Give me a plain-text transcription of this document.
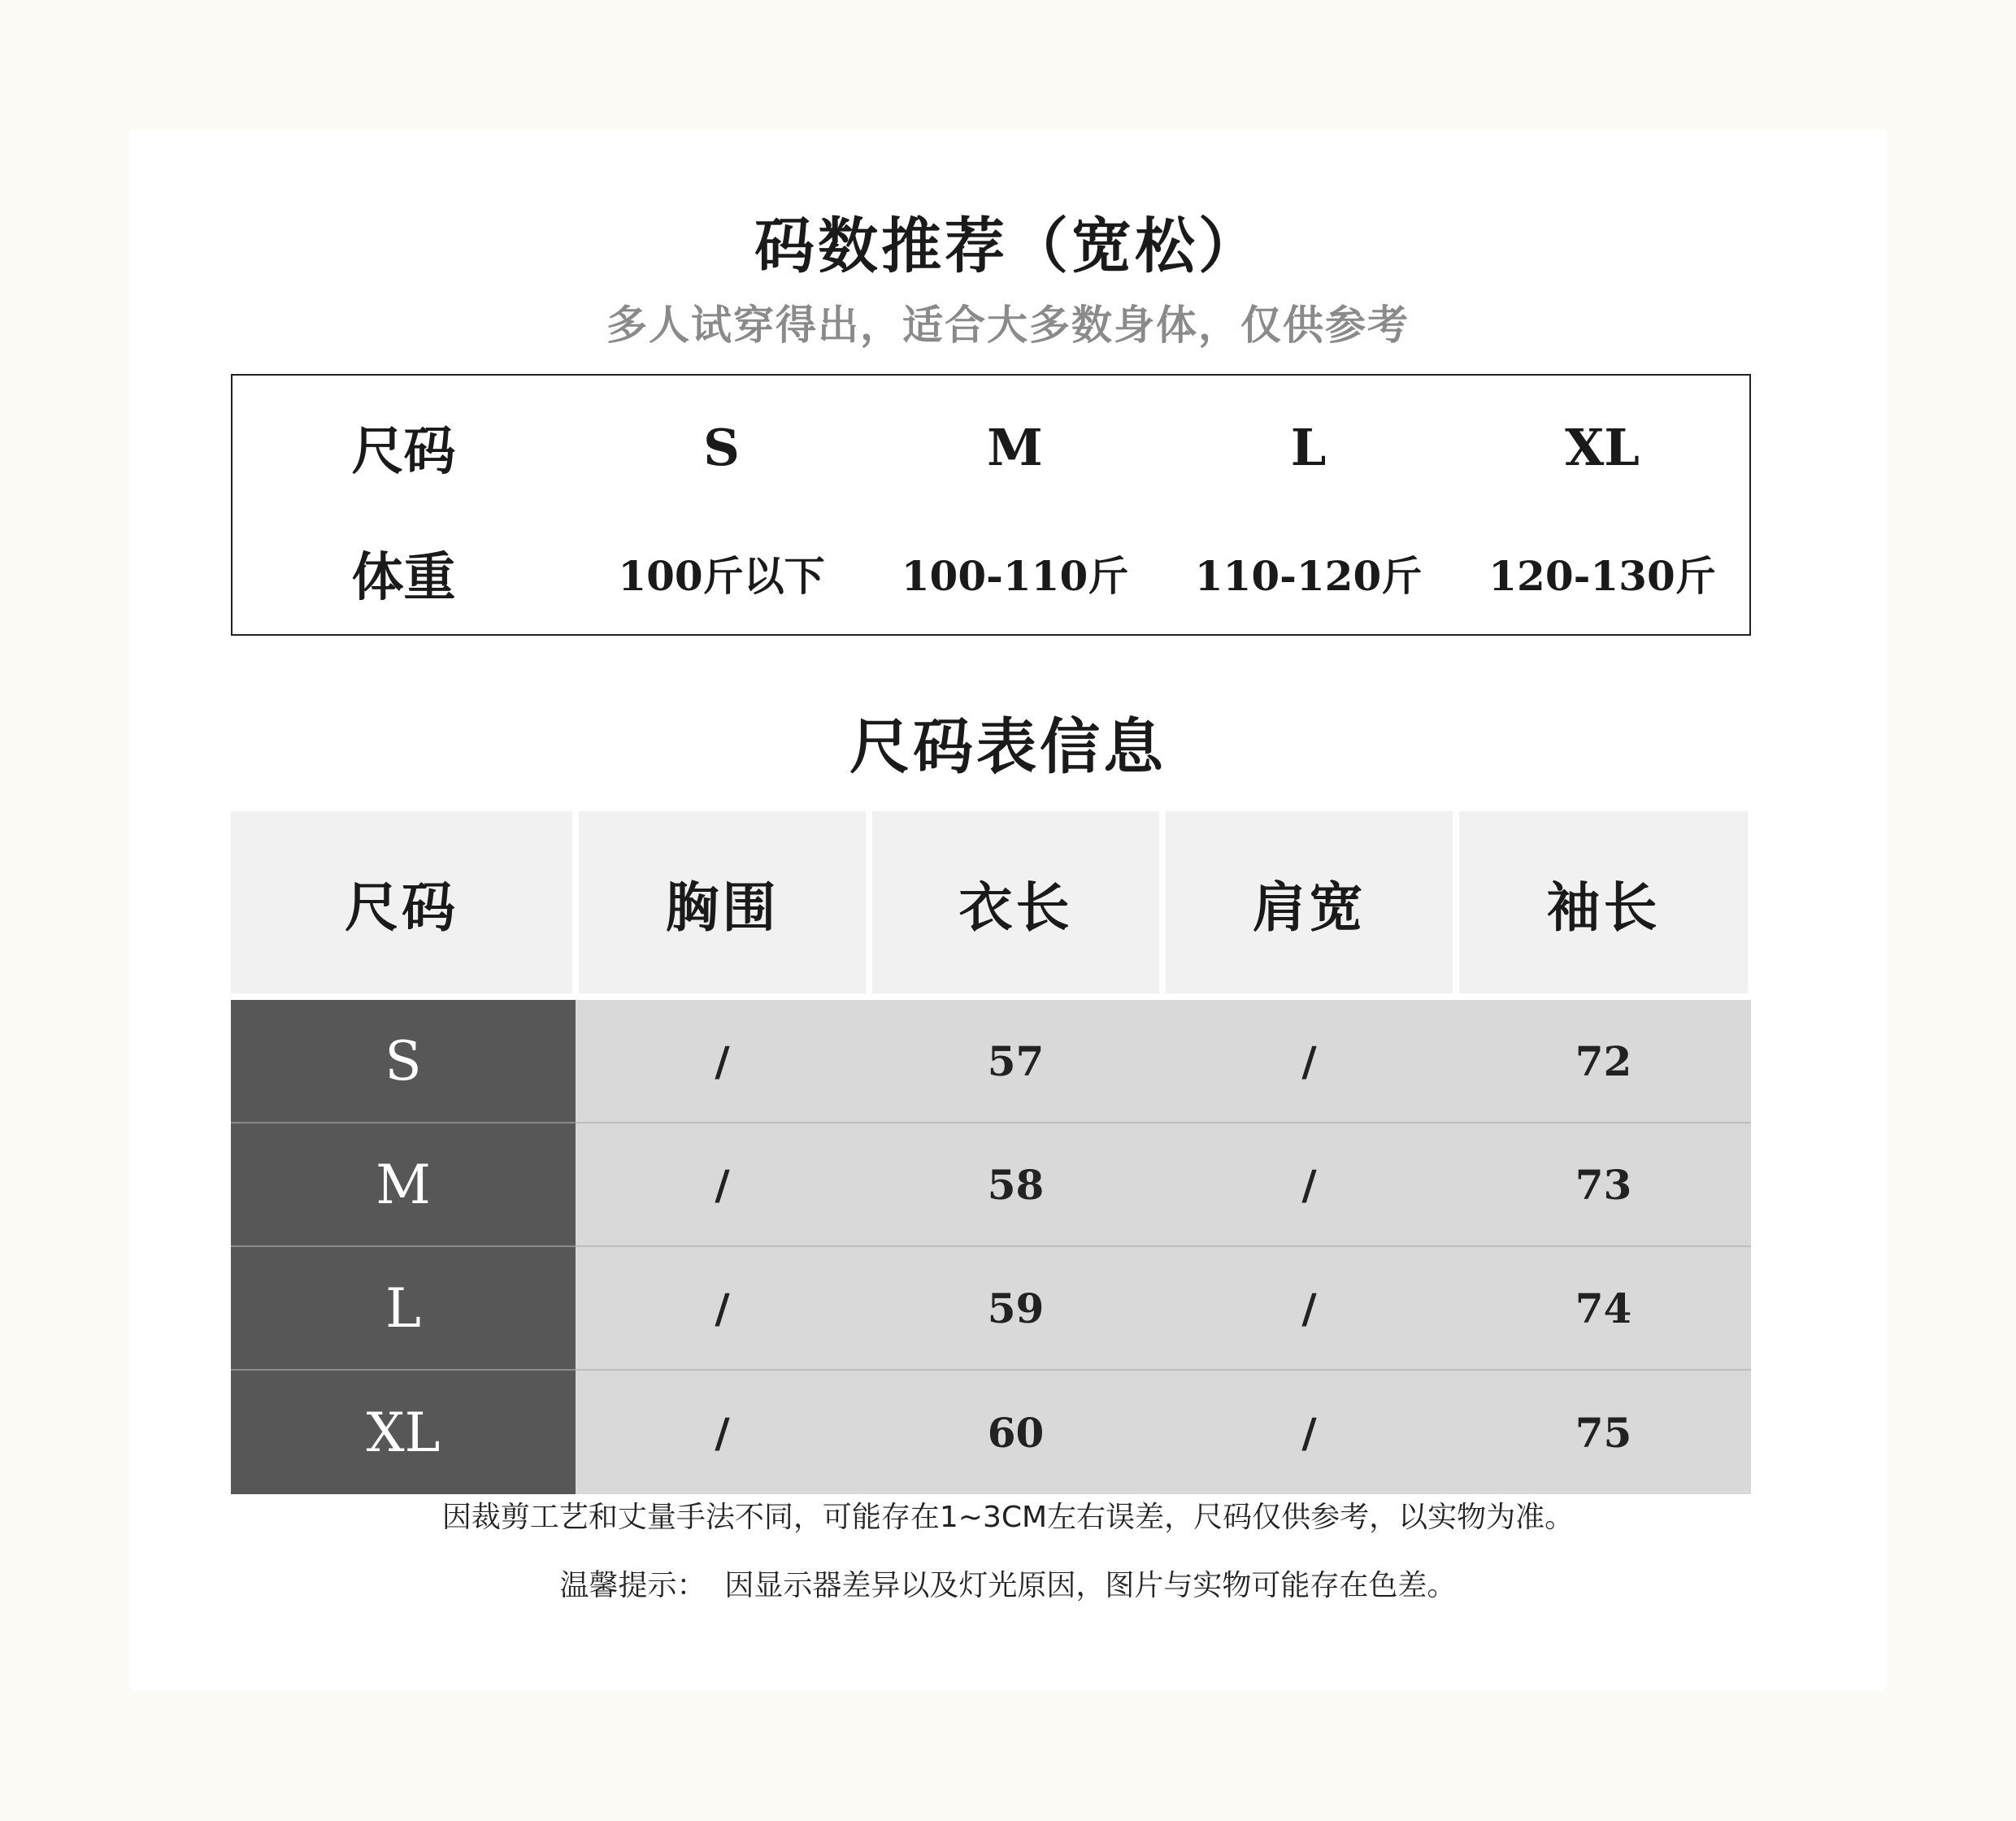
码数推荐（宽松）
多人试穿得出，适合大多数身体，仅供参考
尺码	S	M	L	XL
体重	100斤以下	100-110斤	110-120斤	120-130斤
尺码表信息
尺码	胸围	衣长	肩宽	袖长
S	/	57	/	72
M	/	58	/	73
L	/	59	/	74
XL	/	60	/	75
因裁剪工艺和丈量手法不同，可能存在1~3CM左右误差，尺码仅供参考，以实物为准。
温馨提示：  因显示器差异以及灯光原因，图片与实物可能存在色差。
